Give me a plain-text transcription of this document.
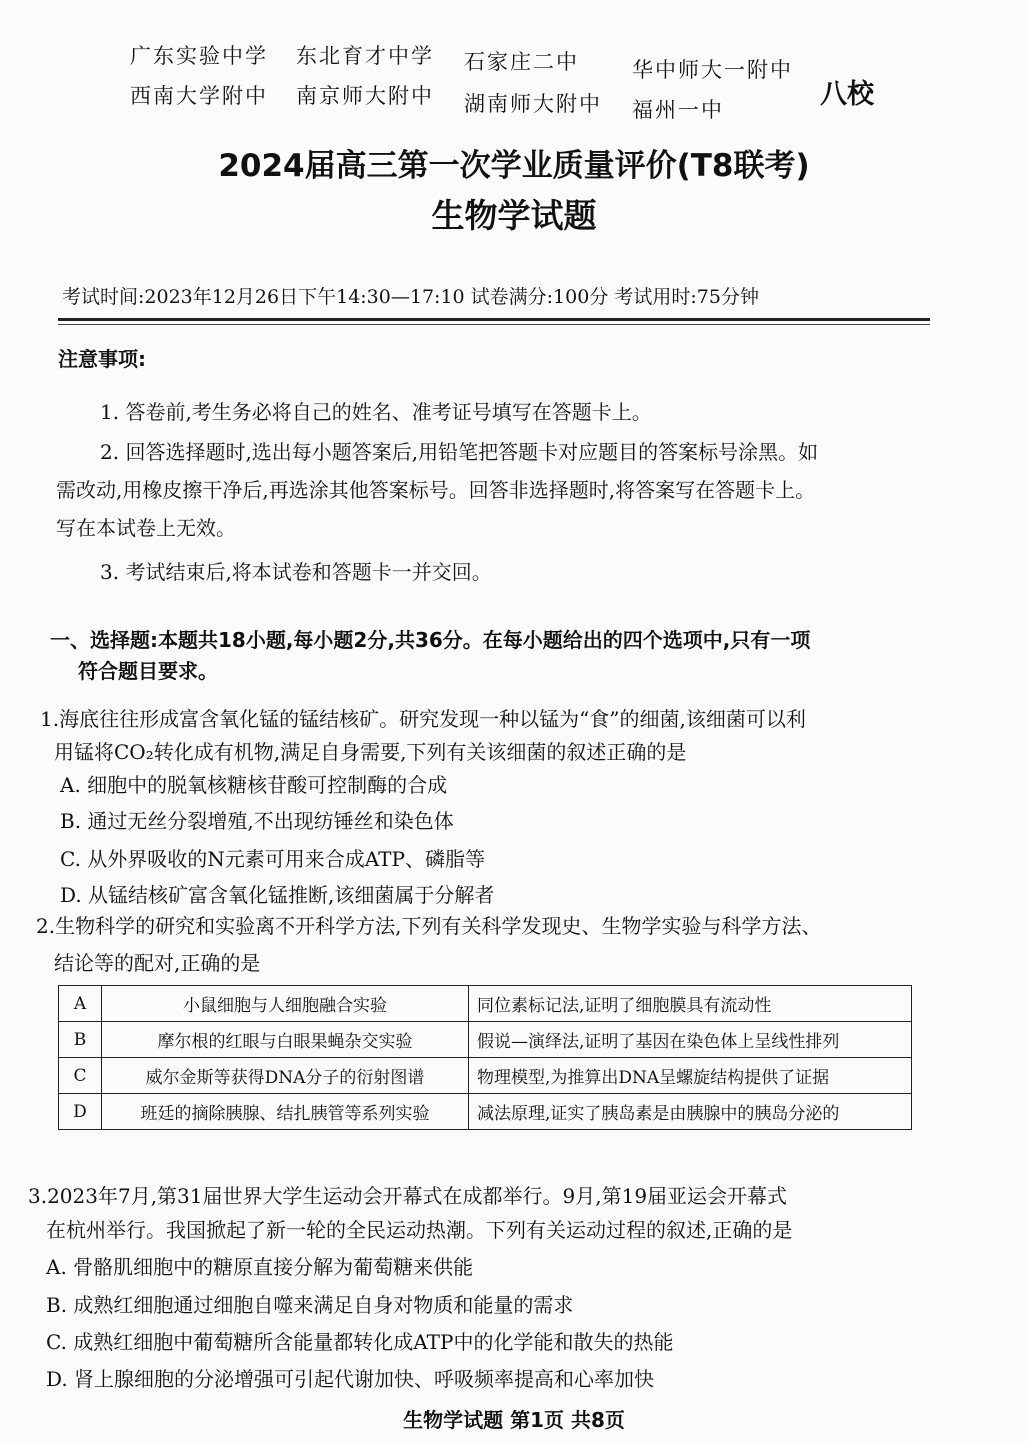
广东实验中学 东北育才中学 石家庄二中	华中师大一附中
西南大学附中 南京师大附中 湖南师大附中 福州一中	八校
2024届高三第一次学业质量评价(T8联考)
生物学试题
考试时间:2023年12月26日下午14:30—17:10 试卷满分:100分 考试用时:75分钟
注意事项:
1. 答卷前,考生务必将自己的姓名、准考证号填写在答题卡上。
2. 回答选择题时,选出每小题答案后,用铅笔把答题卡对应题目的答案标号涂黑。如
需改动,用橡皮擦干净后,再选涂其他答案标号。回答非选择题时,将答案写在答题卡上。
写在本试卷上无效。
3. 考试结束后,将本试卷和答题卡一并交回。
一、选择题:本题共18小题,每小题2分,共36分。在每小题给出的四个选项中,只有一项
符合题目要求。
1.海底往往形成富含氧化锰的锰结核矿。研究发现一种以锰为“食”的细菌,该细菌可以利
用锰将CO₂转化成有机物,满足自身需要,下列有关该细菌的叙述正确的是
A. 细胞中的脱氧核糖核苷酸可控制酶的合成
B. 通过无丝分裂增殖,不出现纺锤丝和染色体
C. 从外界吸收的N元素可用来合成ATP、磷脂等
D. 从锰结核矿富含氧化锰推断,该细菌属于分解者
2.生物科学的研究和实验离不开科学方法,下列有关科学发现史、生物学实验与科学方法、
结论等的配对,正确的是
A	小鼠细胞与人细胞融合实验	同位素标记法,证明了细胞膜具有流动性
B	摩尔根的红眼与白眼果蝇杂交实验	假说—演绎法,证明了基因在染色体上呈线性排列
C	威尔金斯等获得DNA分子的衍射图谱	物理模型,为推算出DNA呈螺旋结构提供了证据
D	班廷的摘除胰腺、结扎胰管等系列实验	减法原理,证实了胰岛素是由胰腺中的胰岛分泌的
3.2023年7月,第31届世界大学生运动会开幕式在成都举行。9月,第19届亚运会开幕式
在杭州举行。我国掀起了新一轮的全民运动热潮。下列有关运动过程的叙述,正确的是
A. 骨骼肌细胞中的糖原直接分解为葡萄糖来供能
B. 成熟红细胞通过细胞自噬来满足自身对物质和能量的需求
C. 成熟红细胞中葡萄糖所含能量都转化成ATP中的化学能和散失的热能
D. 肾上腺细胞的分泌增强可引起代谢加快、呼吸频率提高和心率加快
生物学试题 第1页 共8页
